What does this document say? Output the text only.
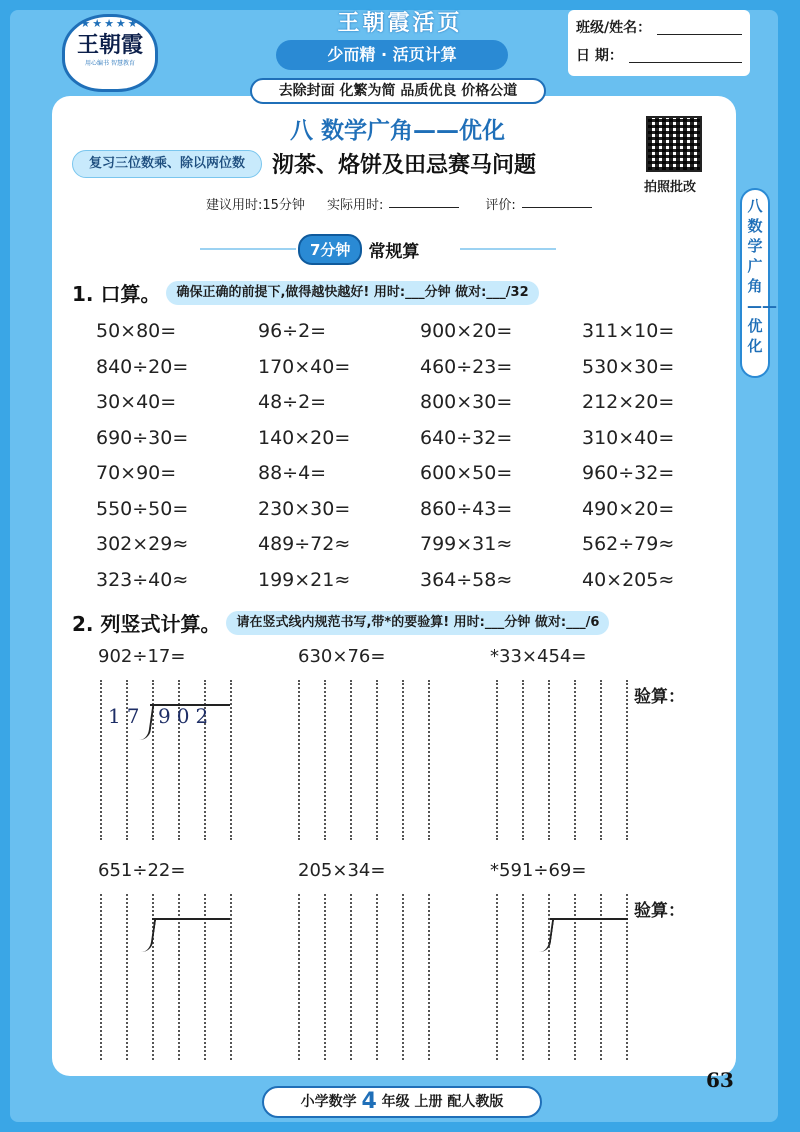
★★★★★
王朝霞
用心编书 智慧教育
王朝霞活页
少而精 · 活页计算
班级/姓名：
日 期：
去除封面 化繁为简 品质优良 价格公道
八 数学广角——优化
复习三位数乘、除以两位数	沏茶、烙饼及田忌赛马问题
拍照批改
建议用时:15分钟 实际用时:	评价:	八 数学广角——优化
7分钟	常规算
1. 口算。	确保正确的前提下,做得越快越好! 用时:___分钟 做对:___/32
50×80=	96÷2=	900×20=	311×10=
840÷20=	170×40=	460÷23=	530×30=
30×40=	48÷2=	800×30=	212×20=
690÷30=	140×20=	640÷32=	310×40=
70×90=	88÷4=	600×50=	960÷32=
550÷50=	230×30=	860÷43=	490×20=
302×29≈	489÷72≈	799×31≈	562÷79≈
323÷40≈	199×21≈	364÷58≈	40×205≈
2. 列竖式计算。	请在竖式线内规范书写,带*的要验算! 用时:___分钟 做对:___/6
902÷17=	630×76=	*33×454=
验算：
651÷22=	205×34=	*591÷69=
验算：
17 902
小学数学 4 年级 上册 配人教版
63
